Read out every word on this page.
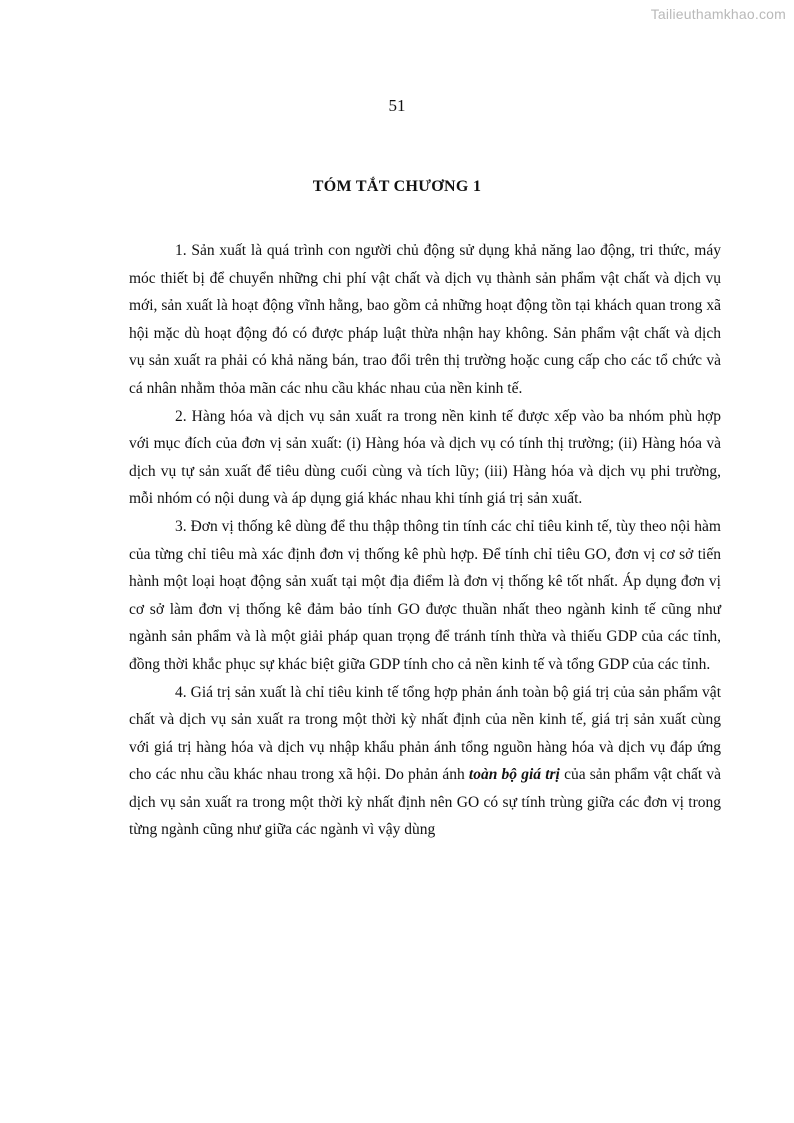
Tailieuthamkhao.com
51
TÓM TẮT CHƯƠNG 1

1. Sản xuất là quá trình con người chủ động sử dụng khả năng lao động, tri thức, máy móc thiết bị để chuyển những chi phí vật chất và dịch vụ thành sản phẩm vật chất và dịch vụ mới, sản xuất là hoạt động vĩnh hằng, bao gồm cả những hoạt động tồn tại khách quan trong xã hội mặc dù hoạt động đó có được pháp luật thừa nhận hay không. Sản phẩm vật chất và dịch vụ sản xuất ra phải có khả năng bán, trao đổi trên thị trường hoặc cung cấp cho các tổ chức và cá nhân nhằm thỏa mãn các nhu cầu khác nhau của nền kinh tế.

2. Hàng hóa và dịch vụ sản xuất ra trong nền kinh tế được xếp vào ba nhóm phù hợp với mục đích của đơn vị sản xuất: (i) Hàng hóa và dịch vụ có tính thị trường; (ii) Hàng hóa và dịch vụ tự sản xuất để tiêu dùng cuối cùng và tích lũy; (iii) Hàng hóa và dịch vụ phi trường, mỗi nhóm có nội dung và áp dụng giá khác nhau khi tính giá trị sản xuất.

3. Đơn vị thống kê dùng để thu thập thông tin tính các chỉ tiêu kinh tế, tùy theo nội hàm của từng chỉ tiêu mà xác định đơn vị thống kê phù hợp. Để tính chỉ tiêu GO, đơn vị cơ sở tiến hành một loại hoạt động sản xuất tại một địa điểm là đơn vị thống kê tốt nhất. Áp dụng đơn vị cơ sở làm đơn vị thống kê đảm bảo tính GO được thuần nhất theo ngành kinh tế cũng như ngành sản phẩm và là một giải pháp quan trọng để tránh tính thừa và thiếu GDP của các tỉnh, đồng thời khắc phục sự khác biệt giữa GDP tính cho cả nền kinh tế và tổng GDP của các tỉnh.

4. Giá trị sản xuất là chỉ tiêu kinh tế tổng hợp phản ánh toàn bộ giá trị của sản phẩm vật chất và dịch vụ sản xuất ra trong một thời kỳ nhất định của nền kinh tế, giá trị sản xuất cùng với giá trị hàng hóa và dịch vụ nhập khẩu phản ánh tổng nguồn hàng hóa và dịch vụ đáp ứng cho các nhu cầu khác nhau trong xã hội. Do phản ánh toàn bộ giá trị của sản phẩm vật chất và dịch vụ sản xuất ra trong một thời kỳ nhất định nên GO có sự tính trùng giữa các đơn vị trong từng ngành cũng như giữa các ngành vì vậy dùng
